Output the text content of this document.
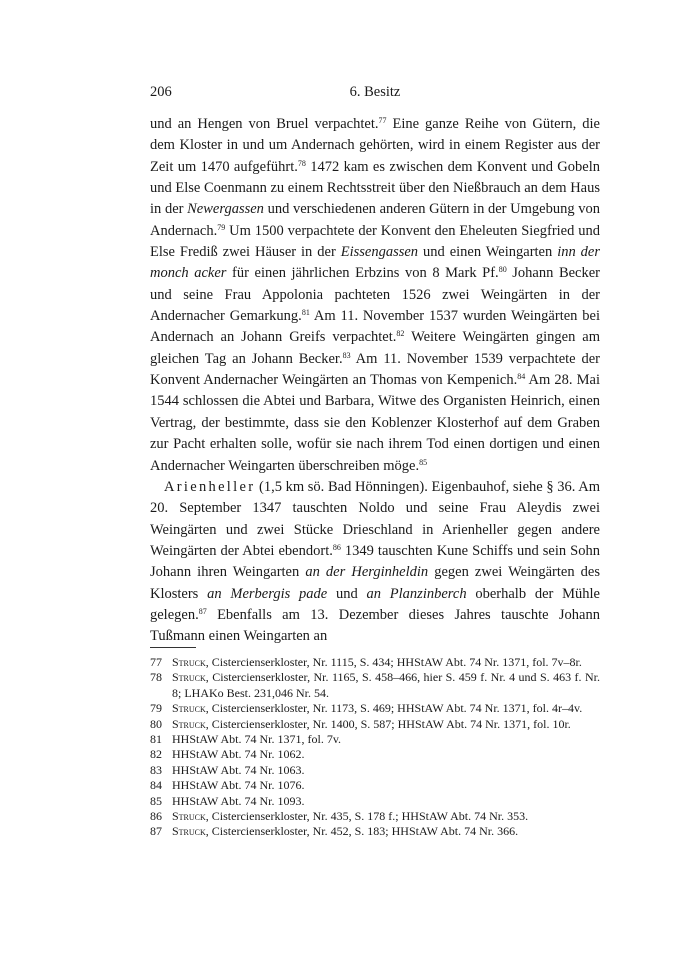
206	6. Besitz

und an Hengen von Bruel verpachtet.$^{77}$ Eine ganze Reihe von Gütern, die dem Kloster in und um Andernach gehörten, wird in einem Register aus der Zeit um 1470 aufgeführt.$^{78}$ 1472 kam es zwischen dem Konvent und Gobeln und Else Coenmann zu einem Rechtsstreit über den Nießbrauch an dem Haus in der Newergassen und verschiedenen anderen Gütern in der Umgebung von Andernach.$^{79}$ Um 1500 verpachtete der Konvent den Eheleuten Siegfried und Else Frediß zwei Häuser in der Eissengassen und einen Weingarten inn der monch acker für einen jährlichen Erbzins von 8 Mark Pf.$^{80}$ Johann Becker und seine Frau Appolonia pachteten 1526 zwei Weingärten in der Andernacher Gemarkung.$^{81}$ Am 11. November 1537 wurden Weingärten bei Andernach an Johann Greifs verpachtet.$^{82}$ Weitere Weingärten gingen am gleichen Tag an Johann Becker.$^{83}$ Am 11. November 1539 verpachtete der Konvent Andernacher Weingärten an Thomas von Kempenich.$^{84}$ Am 28. Mai 1544 schlossen die Abtei und Barbara, Witwe des Organisten Heinrich, einen Vertrag, der bestimmte, dass sie den Koblenzer Klosterhof auf dem Graben zur Pacht erhalten solle, wofür sie nach ihrem Tod einen dortigen und einen Andernacher Weingarten überschreiben möge.$^{85}$

Arienheller (1,5 km sö. Bad Hönningen). Eigenbauhof, siehe § 36. Am 20. September 1347 tauschten Noldo und seine Frau Aleydis zwei Weingärten und zwei Stücke Drieschland in Arienheller gegen andere Weingärten der Abtei ebendort.$^{86}$ 1349 tauschten Kune Schiffs und sein Sohn Johann ihren Weingarten an der Herginheldin gegen zwei Weingärten des Klosters an Merbergis pade und an Planzinberch oberhalb der Mühle gelegen.$^{87}$ Ebenfalls am 13. Dezember dieses Jahres tauschte Johann Tußmann einen Weingarten an

77 Struck, Cistercienserkloster, Nr. 1115, S. 434; HHStAW Abt. 74 Nr. 1371, fol. 7v–8r.
78 Struck, Cistercienserkloster, Nr. 1165, S. 458–466, hier S. 459 f. Nr. 4 und S. 463 f. Nr. 8; LHAKo Best. 231,046 Nr. 54.
79 Struck, Cistercienserkloster, Nr. 1173, S. 469; HHStAW Abt. 74 Nr. 1371, fol. 4r–4v.
80 Struck, Cistercienserkloster, Nr. 1400, S. 587; HHStAW Abt. 74 Nr. 1371, fol. 10r.
81 HHStAW Abt. 74 Nr. 1371, fol. 7v.
82 HHStAW Abt. 74 Nr. 1062.
83 HHStAW Abt. 74 Nr. 1063.
84 HHStAW Abt. 74 Nr. 1076.
85 HHStAW Abt. 74 Nr. 1093.
86 Struck, Cistercienserkloster, Nr. 435, S. 178 f.; HHStAW Abt. 74 Nr. 353.
87 Struck, Cistercienserkloster, Nr. 452, S. 183; HHStAW Abt. 74 Nr. 366.
